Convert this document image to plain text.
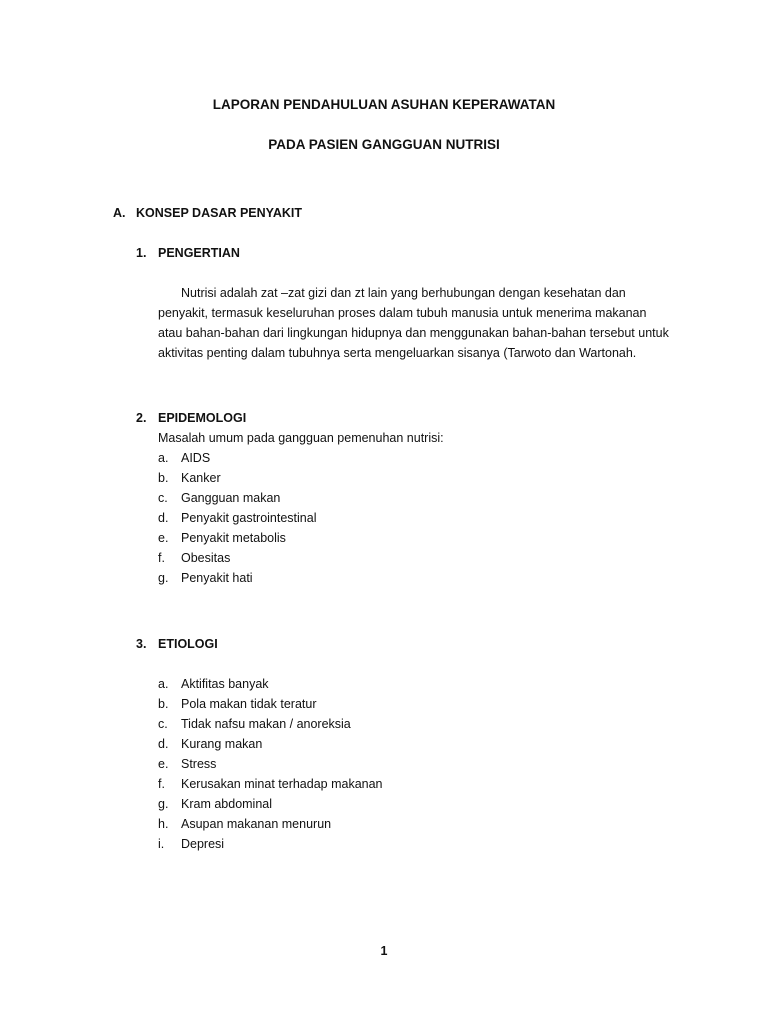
LAPORAN PENDAHULUAN ASUHAN KEPERAWATAN
PADA PASIEN GANGGUAN NUTRISI
A. KONSEP DASAR PENYAKIT
1. PENGERTIAN
Nutrisi adalah zat –zat gizi dan zt lain yang berhubungan dengan kesehatan dan
penyakit, termasuk keseluruhan proses dalam tubuh manusia untuk menerima makanan
atau bahan-bahan dari lingkungan hidupnya dan menggunakan bahan-bahan tersebut untuk
aktivitas penting dalam tubuhnya serta mengeluarkan sisanya (Tarwoto dan Wartonah.
2. EPIDEMOLOGI
Masalah umum pada gangguan pemenuhan nutrisi:
a.	AIDS
b.	Kanker
c.	Gangguan makan
d.	Penyakit gastrointestinal
e.	Penyakit metabolis
f.	Obesitas
g.	Penyakit hati
3. ETIOLOGI
a.	Aktifitas banyak
b.	Pola makan tidak teratur
c.	Tidak nafsu makan / anoreksia
d.	Kurang makan
e.	Stress
f.	Kerusakan minat terhadap makanan
g.	Kram abdominal
h.	Asupan makanan menurun
i.	Depresi
1
